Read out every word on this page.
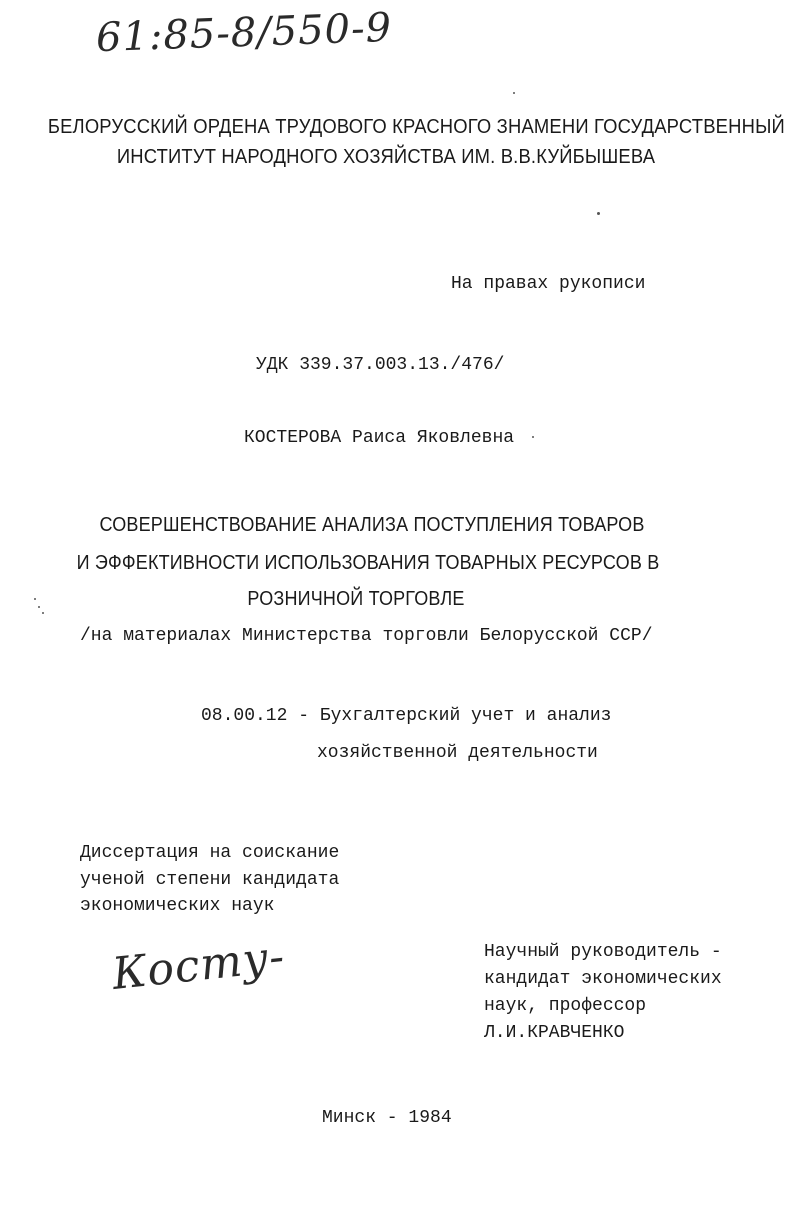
61:85-8/550-9
БЕЛОРУССКИЙ ОРДЕНА ТРУДОВОГО КРАСНОГО ЗНАМЕНИ ГОСУДАРСТВЕННЫЙ
ИНСТИТУТ НАРОДНОГО ХОЗЯЙСТВА ИМ. В.В.КУЙБЫШЕВА
На правах рукописи
УДК 339.37.003.13./476/
КОСТЕРОВА Раиса Яковлевна
СОВЕРШЕНСТВОВАНИЕ АНАЛИЗА ПОСТУПЛЕНИЯ ТОВАРОВ
И ЭФФЕКТИВНОСТИ ИСПОЛЬЗОВАНИЯ ТОВАРНЫХ РЕСУРСОВ В
РОЗНИЧНОЙ ТОРГОВЛЕ
/на материалах Министерства торговли Белорусской ССР/
08.00.12 - Бухгалтерский учет и анализ
хозяйственной деятельности
Диссертация на соискание
ученой степени кандидата
экономических наук
Косту-	Научный руководитель -
кандидат экономических
наук, профессор
Л.И.КРАВЧЕНКО
Минск - 1984
